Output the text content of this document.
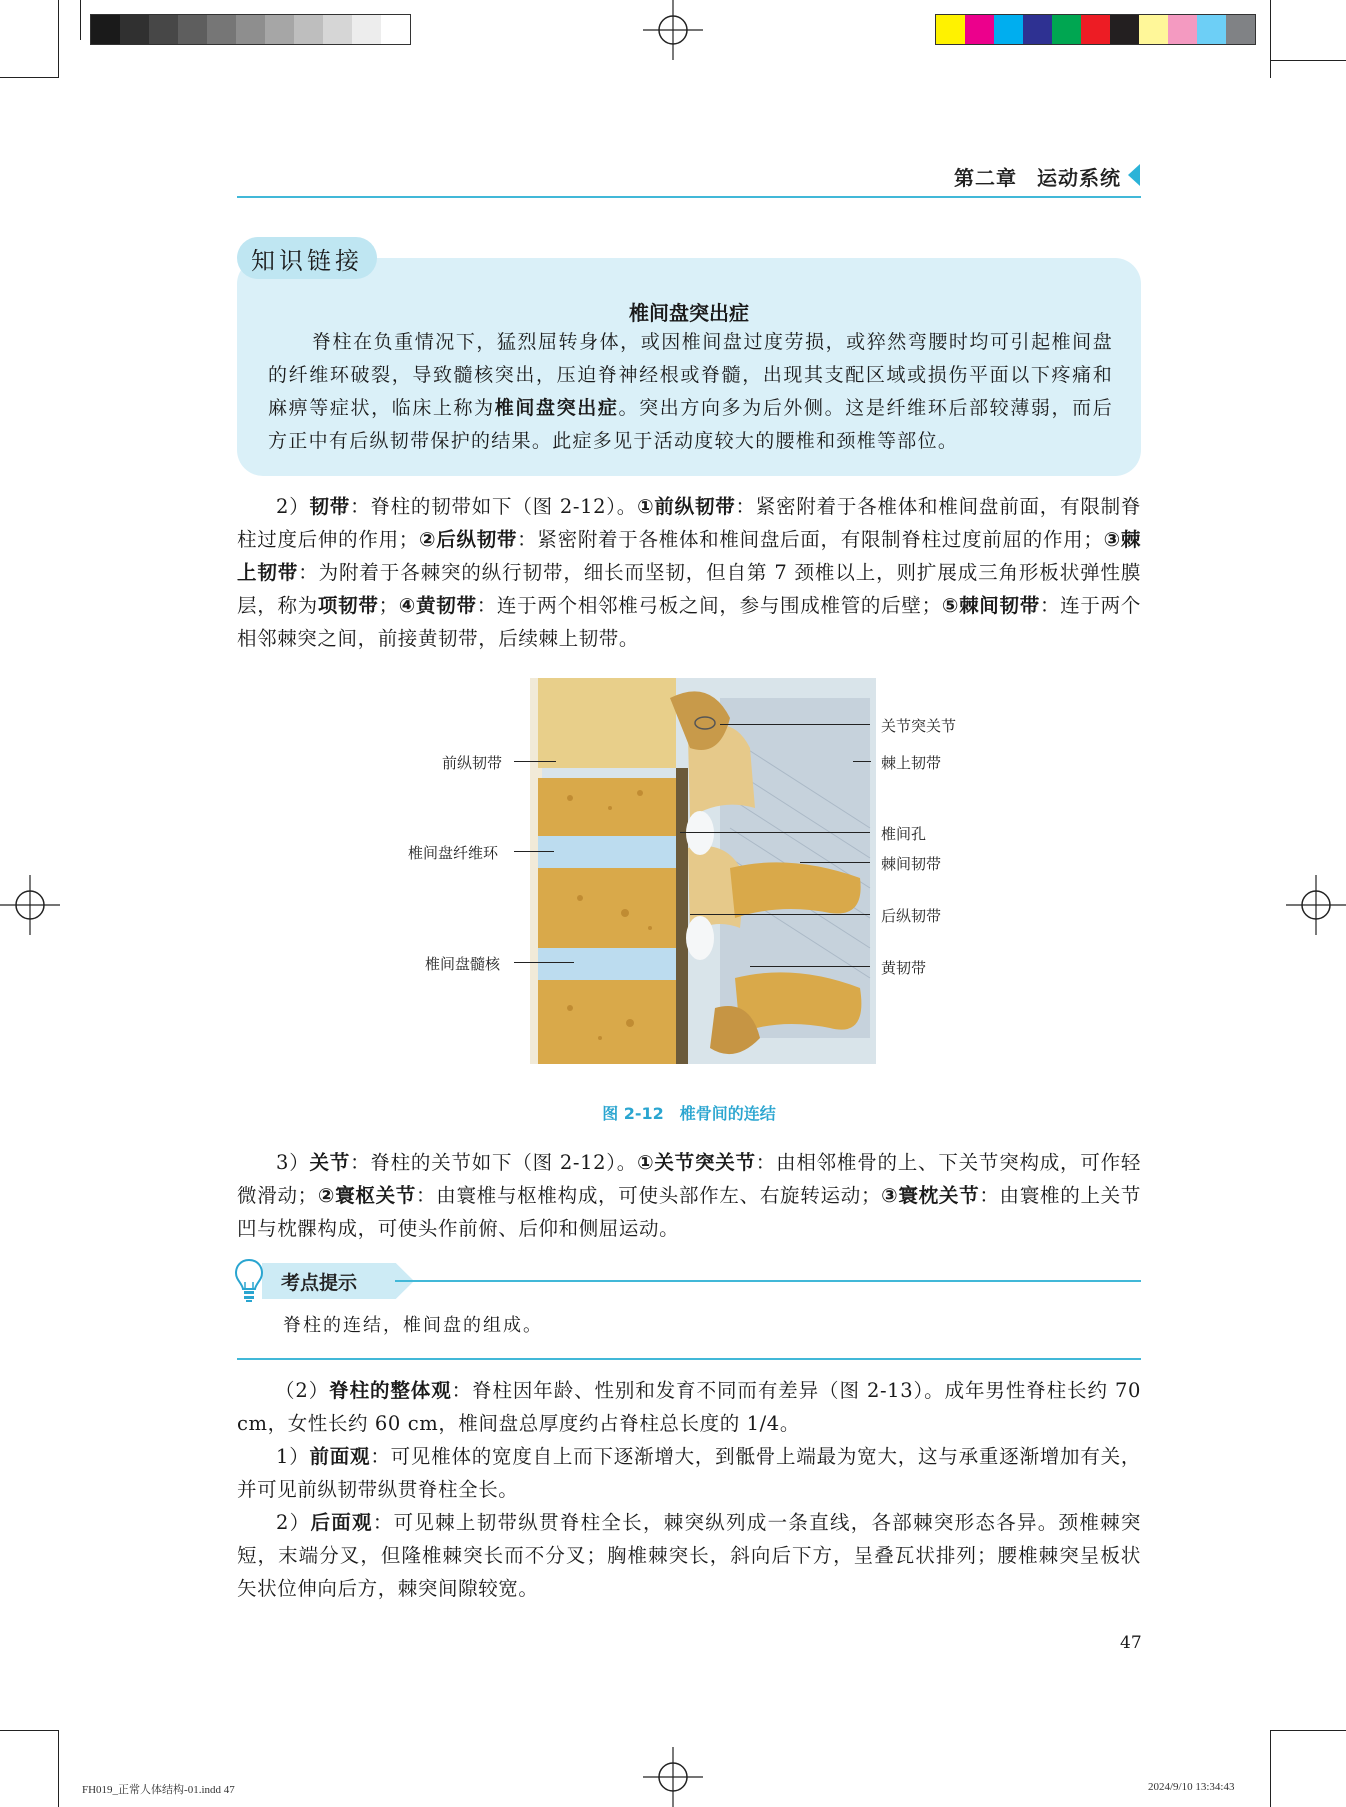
第二章 运动系统
知识链接
椎间盘突出症
脊柱在负重情况下，猛烈屈转身体，或因椎间盘过度劳损，或猝然弯腰时均可引起椎间盘的纤维环破裂，导致髓核突出，压迫脊神经根或脊髓，出现其支配区域或损伤平面以下疼痛和麻痹等症状，临床上称为椎间盘突出症。突出方向多为后外侧。这是纤维环后部较薄弱，而后方正中有后纵韧带保护的结果。此症多见于活动度较大的腰椎和颈椎等部位。
2）韧带：脊柱的韧带如下（图 2-12）。①前纵韧带：紧密附着于各椎体和椎间盘前面，有限制脊柱过度后伸的作用；②后纵韧带：紧密附着于各椎体和椎间盘后面，有限制脊柱过度前屈的作用；③棘上韧带：为附着于各棘突的纵行韧带，细长而坚韧，但自第 7 颈椎以上，则扩展成三角形板状弹性膜层，称为项韧带；④黄韧带：连于两个相邻椎弓板之间，参与围成椎管的后壁；⑤棘间韧带：连于两个相邻棘突之间，前接黄韧带，后续棘上韧带。
前纵韧带
椎间盘纤维环
椎间盘髓核
关节突关节
棘上韧带
椎间孔
棘间韧带
后纵韧带
黄韧带
图 2-12　椎骨间的连结
3）关节：脊柱的关节如下（图 2-12）。①关节突关节：由相邻椎骨的上、下关节突构成，可作轻微滑动；②寰枢关节：由寰椎与枢椎构成，可使头部作左、右旋转运动；③寰枕关节：由寰椎的上关节凹与枕髁构成，可使头作前俯、后仰和侧屈运动。
考点提示
脊柱的连结，椎间盘的组成。
（2）脊柱的整体观：脊柱因年龄、性别和发育不同而有差异（图 2-13）。成年男性脊柱长约 70 cm，女性长约 60 cm，椎间盘总厚度约占脊柱总长度的 1/4。
1）前面观：可见椎体的宽度自上而下逐渐增大，到骶骨上端最为宽大，这与承重逐渐增加有关，并可见前纵韧带纵贯脊柱全长。
2）后面观：可见棘上韧带纵贯脊柱全长，棘突纵列成一条直线，各部棘突形态各异。颈椎棘突短，末端分叉，但隆椎棘突长而不分叉；胸椎棘突长，斜向后下方，呈叠瓦状排列；腰椎棘突呈板状矢状位伸向后方，棘突间隙较宽。
47
FH019_正常人体结构-01.indd 47	2024/9/10 13:34:43
